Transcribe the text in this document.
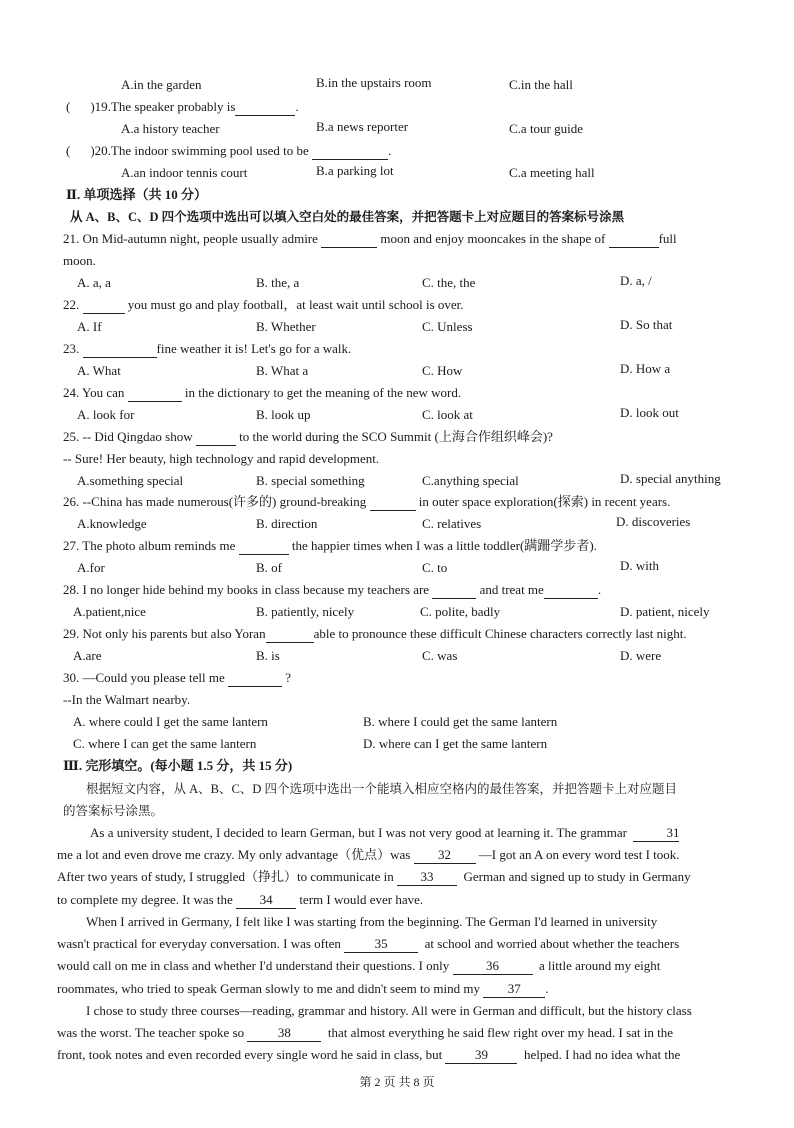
A.in the garden	B.in the upstairs room	C.in the hall
( )19.The speaker probably is	.
A.a history teacher	B.a news reporter	C.a tour guide
( )20.The indoor swimming pool used to be	.
A.an indoor tennis court	B.a parking lot	C.a meeting hall
Ⅱ. 单项选择（共 10 分）
从 A、B、C、D 四个选项中选出可以填入空白处的最佳答案，并把答题卡上对应题目的答案标号涂黑
21. On Mid-autumn night, people usually admire	moon and enjoy mooncakes in the shape of	full
moon.
A. a, a	B. the, a	C. the, the	D. a, /
22.	you must go and play football，at least wait until school is over.
A. If	B. Whether	C. Unless	D. So that
23.	fine weather it is! Let's go for a walk.
A. What	B. What a	C. How	D. How a
24. You can	in the dictionary to get the meaning of the new word.
A. look for	B. look up	C. look at	D. look out
25. -- Did Qingdao show	to the world during the SCO Summit (上海合作组织峰会)?
-- Sure! Her beauty, high technology and rapid development.
A.something special	B. special something	C.anything special	D. special anything
26. --China has made numerous(许多的) ground-breaking	in outer space exploration(探索) in recent years.
A.knowledge	B. direction	C. relatives	D. discoveries
27. The photo album reminds me	the happier times when I was a little toddler(蹒跚学步者).
A.for	B. of	C. to	D. with
28. I no longer hide behind my books in class because my teachers are	and treat me	.
A.patient,nice	B. patiently, nicely	C. polite, badly	D. patient, nicely
29. Not only his parents but also Yoran	able to pronounce these difficult Chinese characters correctly last night.
A.are	B. is	C. was	D. were
30. —Could you please tell me	?
--In the Walmart nearby.
A. where could I get the same lantern	B. where I could get the same lantern
C. where I can get the same lantern	D. where can I get the same lantern
Ⅲ. 完形填空。(每小题 1.5 分，共 15 分)
根据短文内容，从 A、B、C、D 四个选项中选出一个能填入相应空格内的最佳答案，并把答题卡上对应题目
的答案标号涂黑。
As a university student, I decided to learn German, but I was not very good at learning it. The grammar	31
me a lot and even drove me crazy. My only advantage（优点）was 32 —I got an A on every word test I took.
After two years of study, I struggled（挣扎）to communicate in 33 German and signed up to study in Germany
to complete my degree. It was the 34 term I would ever have.
When I arrived in Germany, I felt like I was starting from the beginning. The German I'd learned in university
wasn't practical for everyday conversation. I was often	35	at school and worried about whether the teachers
would call on me in class and whether I'd understand their questions. I only	36	a little around my eight
roommates, who tried to speak German slowly to me and didn't seem to mind my 37 .
I chose to study three courses—reading, grammar and history. All were in German and difficult, but the history class
was the worst. The teacher spoke so	38	that almost everything he said flew right over my head. I sat in the
front, took notes and even recorded every single word he said in class, but	39	helped. I had no idea what the
第 2 页 共 8 页
